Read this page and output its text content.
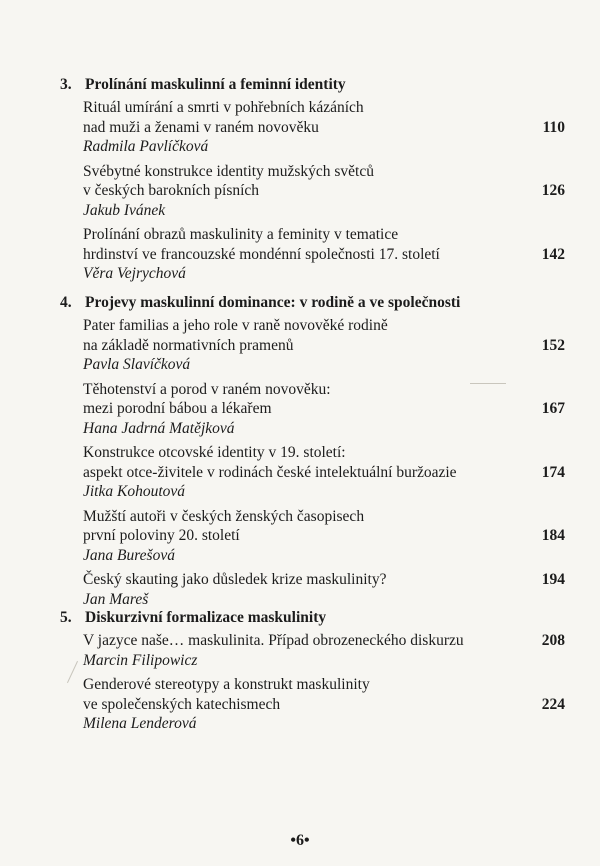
3. Prolínání maskulinní a feminní identity
Rituál umírání a smrti v pohřebních kázáních
nad muži a ženami v raném novověku
Radmila Pavlíčková
110
Svébytné konstrukce identity mužských světců
v českých barokních písních
Jakub Ivánek
126
Prolínání obrazů maskulinity a feminity v tematice
hrdinství ve francouzské mondénní společnosti 17. století
Věra Vejrychová
142
4. Projevy maskulinní dominance: v rodině a ve společnosti
Pater familias a jeho role v raně novověké rodině
na základě normativních pramenů
Pavla Slavíčková
152
Těhotenství a porod v raném novověku:
mezi porodní bábou a lékařem
Hana Jadrná Matějková
167
Konstrukce otcovské identity v 19. století:
aspekt otce-živitele v rodinách české intelektuální buržoazie
Jitka Kohoutová
174
Mužští autoři v českých ženských časopisech
první poloviny 20. století
Jana Burešová
184
Český skauting jako důsledek krize maskulinity?
Jan Mareš
194
5. Diskurzivní formalizace maskulinity
V jazyce naše… maskulinita. Případ obrozeneckého diskurzu
Marcin Filipowicz
208
Genderové stereotypy a konstrukt maskulinity
ve společenských katechismech
Milena Lenderová
224
•6•
